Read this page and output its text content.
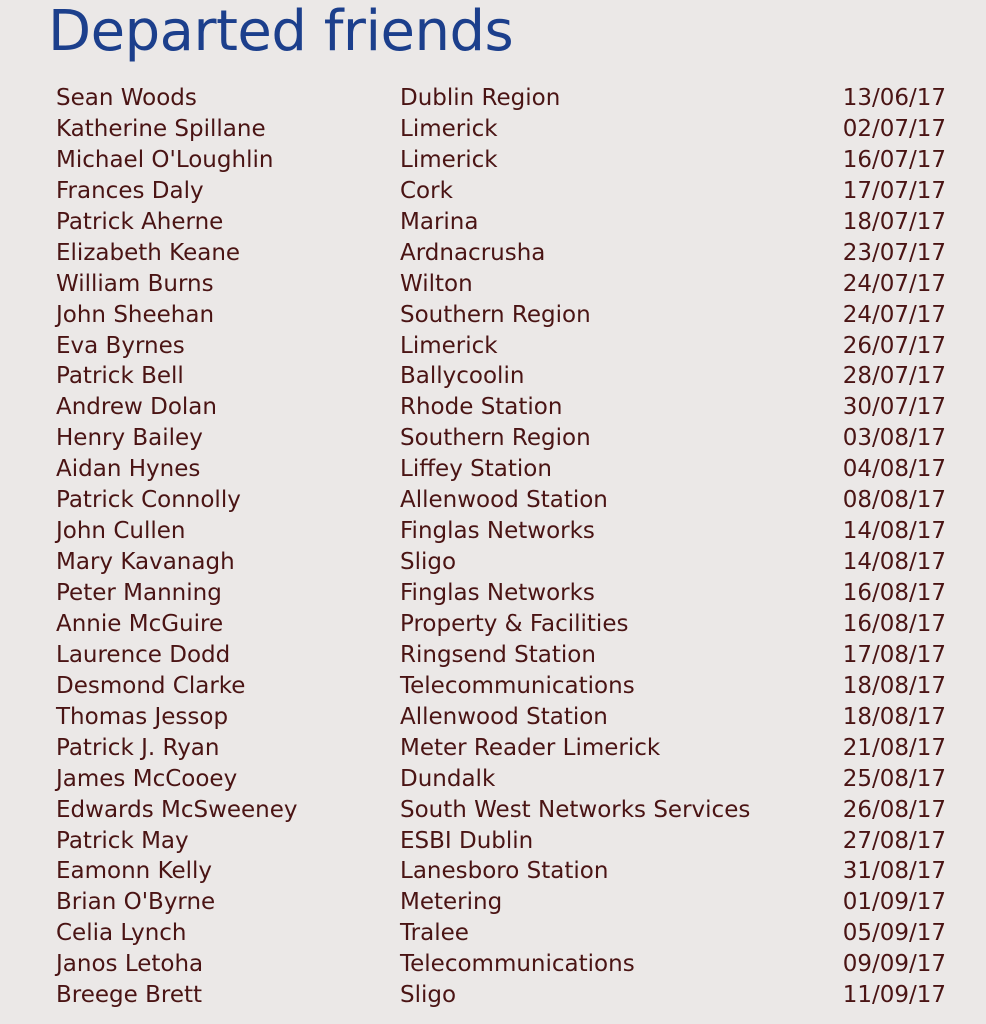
Departed friends
Sean Woods	Dublin Region	13/06/17
Katherine Spillane	Limerick	02/07/17
Michael O'Loughlin	Limerick	16/07/17
Frances Daly	Cork	17/07/17
Patrick Aherne	Marina	18/07/17
Elizabeth Keane	Ardnacrusha	23/07/17
William Burns	Wilton	24/07/17
John Sheehan	Southern Region	24/07/17
Eva Byrnes	Limerick	26/07/17
Patrick Bell	Ballycoolin	28/07/17
Andrew Dolan	Rhode Station	30/07/17
Henry Bailey	Southern Region	03/08/17
Aidan Hynes	Liffey Station	04/08/17
Patrick Connolly	Allenwood Station	08/08/17
John Cullen	Finglas Networks	14/08/17
Mary Kavanagh	Sligo	14/08/17
Peter Manning	Finglas Networks	16/08/17
Annie McGuire	Property & Facilities	16/08/17
Laurence Dodd	Ringsend Station	17/08/17
Desmond Clarke	Telecommunications	18/08/17
Thomas Jessop	Allenwood Station	18/08/17
Patrick J. Ryan	Meter Reader Limerick	21/08/17
James McCooey	Dundalk	25/08/17
Edwards McSweeney	South West Networks Services	26/08/17
Patrick May	ESBI Dublin	27/08/17
Eamonn Kelly	Lanesboro Station	31/08/17
Brian O'Byrne	Metering	01/09/17
Celia Lynch	Tralee	05/09/17
Janos Letoha	Telecommunications	09/09/17
Breege Brett	Sligo	11/09/17
